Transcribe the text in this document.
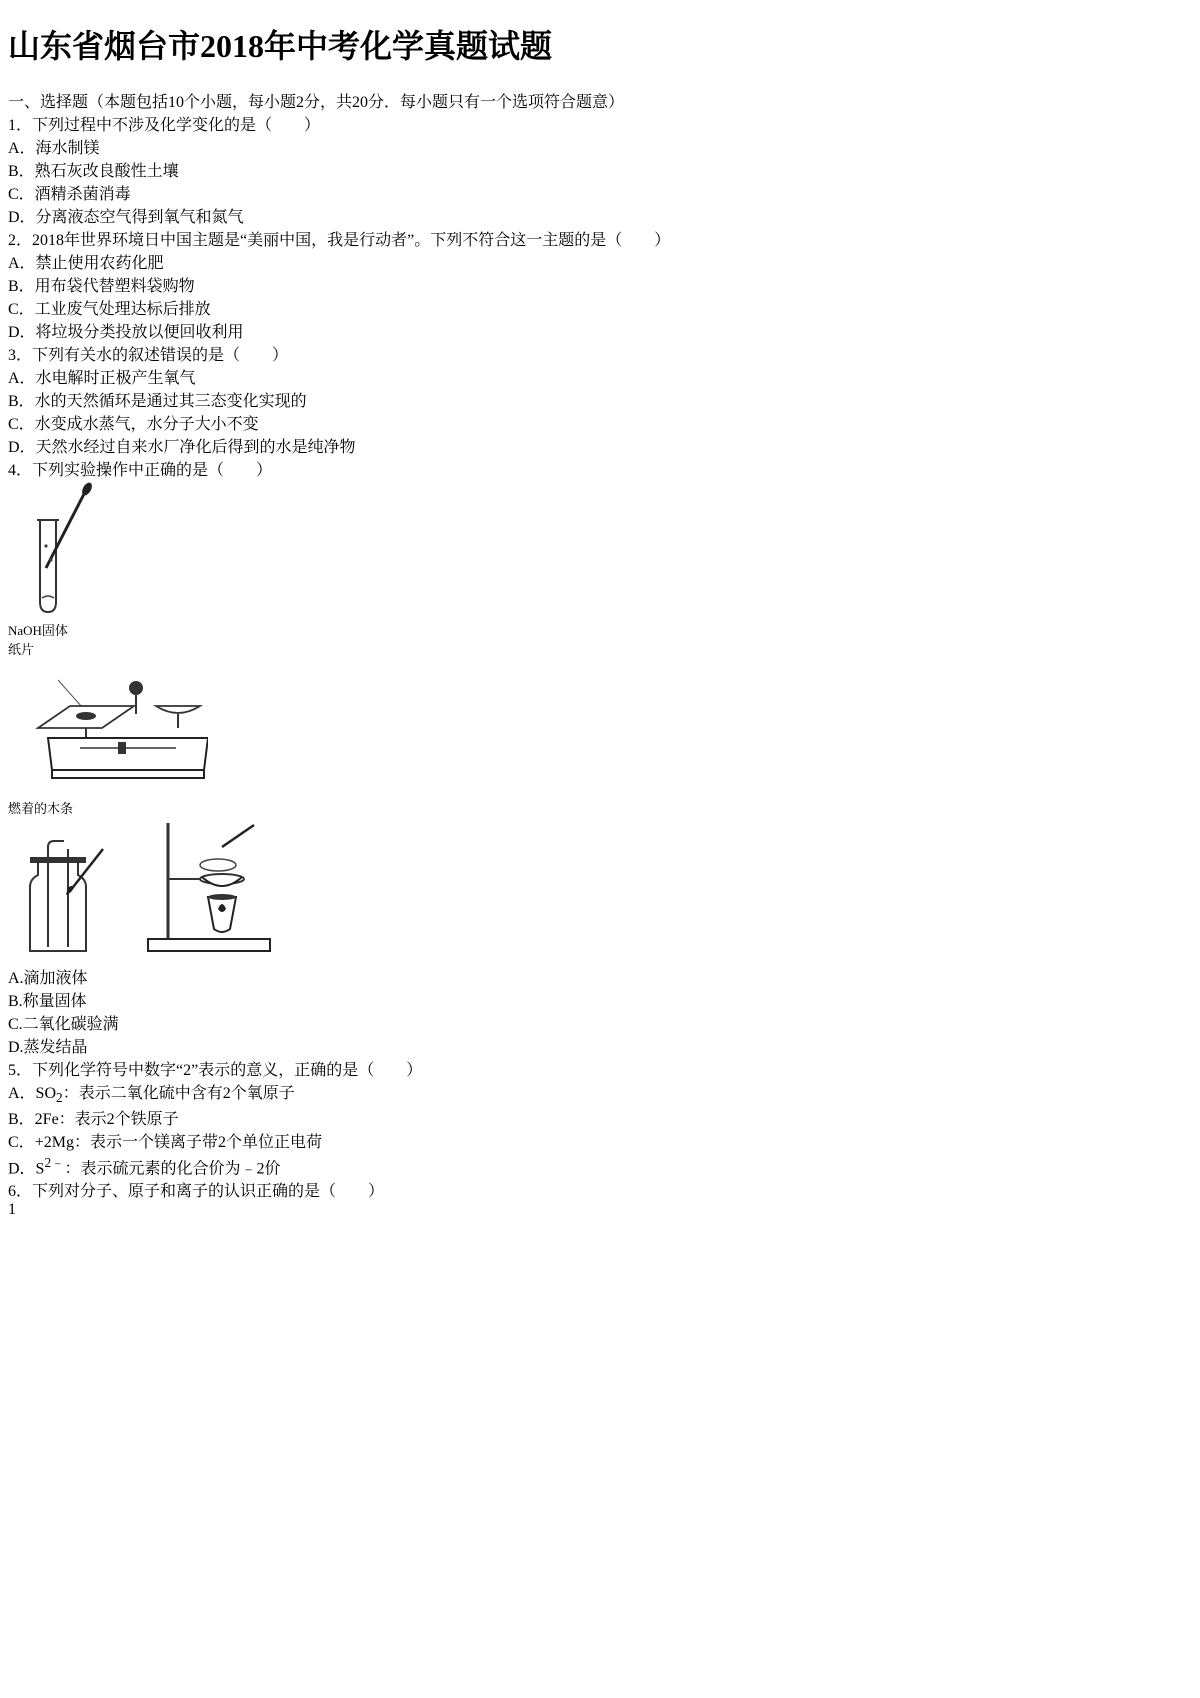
山东省烟台市2018年中考化学真题试题
一、选择题（本题包括10个小题，每小题2分，共20分．每小题只有一个选项符合题意）
1．下列过程中不涉及化学变化的是（　　）
A．海水制镁
B．熟石灰改良酸性土壤
C．酒精杀菌消毒
D．分离液态空气得到氧气和氮气
2．2018年世界环境日中国主题是“美丽中国，我是行动者”。下列不符合这一主题的是（　　）
A．禁止使用农药化肥
B．用布袋代替塑料袋购物
C．工业废气处理达标后排放
D．将垃圾分类投放以便回收利用
3．下列有关水的叙述错误的是（　　）
A．水电解时正极产生氧气
B．水的天然循环是通过其三态变化实现的
C．水变成水蒸气，水分子大小不变
D．天然水经过自来水厂净化后得到的水是纯净物
4．下列实验操作中正确的是（　　）
NaOH固体
纸片
燃着的木条

A.滴加液体
B.称量固体
C.二氧化碳验满
D.蒸发结晶
5．下列化学符号中数字“2”表示的意义，正确的是（　　）
A．$SO_2$：表示二氧化硫中含有2个氧原子
B．2Fe：表示2个铁原子
C．+2Mg：表示一个镁离子带2个单位正电荷
D．$S^{2﹣}$：表示硫元素的化合价为﹣2价
6．下列对分子、原子和离子的认识正确的是（　　）
1
